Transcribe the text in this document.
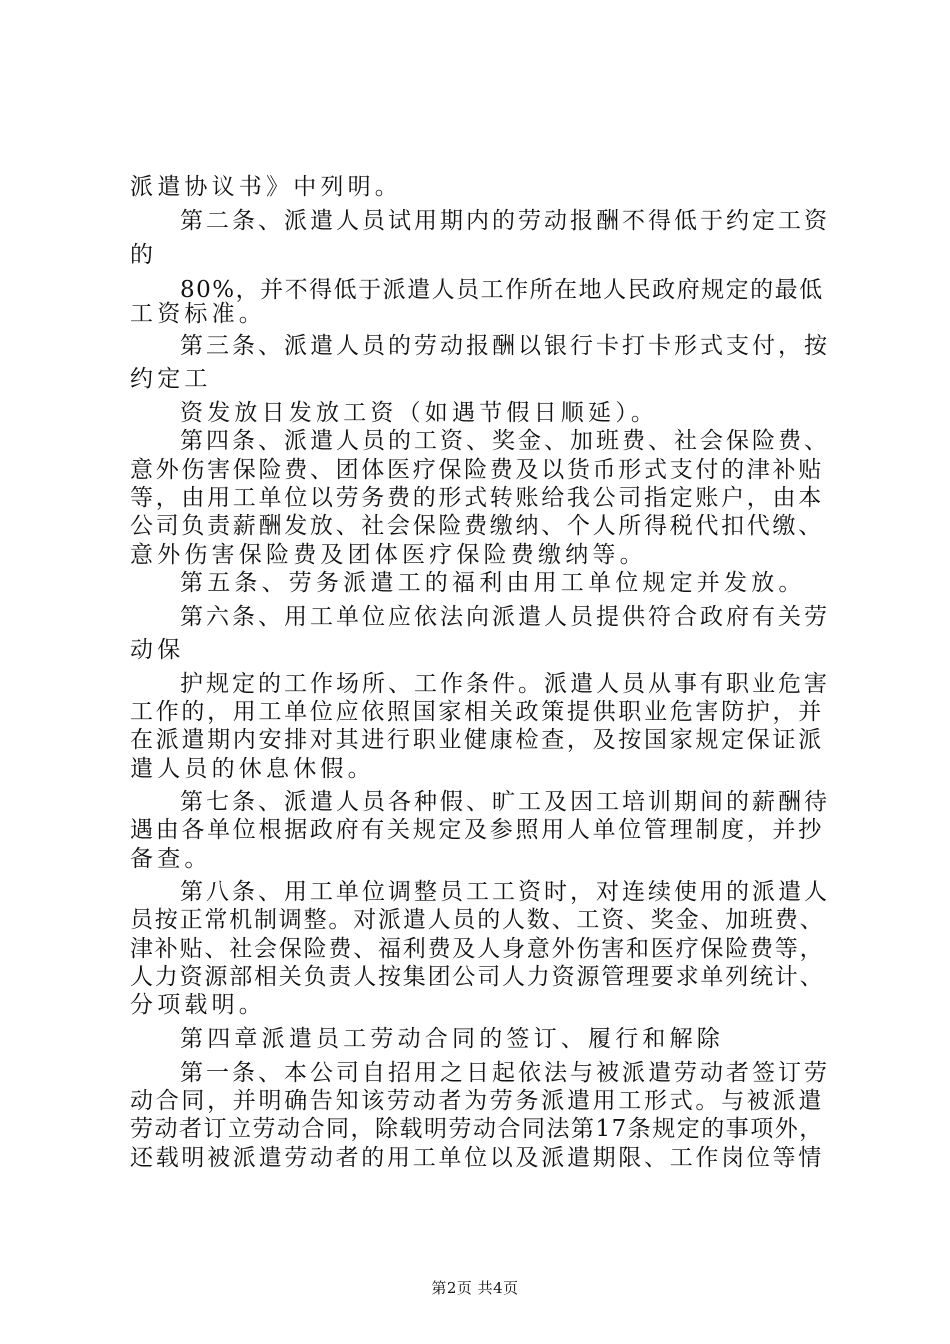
派遣协议书》中列明。
第二条、派遣人员试用期内的劳动报酬不得低于约定工资
的
80%，并不得低于派遣人员工作所在地人民政府规定的最低
工资标准。
第三条、派遣人员的劳动报酬以银行卡打卡形式支付，按
约定工
资发放日发放工资（如遇节假日顺延）。
第四条、派遣人员的工资、奖金、加班费、社会保险费、
意外伤害保险费、团体医疗保险费及以货币形式支付的津补贴
等，由用工单位以劳务费的形式转账给我公司指定账户，由本
公司负责薪酬发放、社会保险费缴纳、个人所得税代扣代缴、
意外伤害保险费及团体医疗保险费缴纳等。
第五条、劳务派遣工的福利由用工单位规定并发放。
第六条、用工单位应依法向派遣人员提供符合政府有关劳
动保
护规定的工作场所、工作条件。派遣人员从事有职业危害
工作的，用工单位应依照国家相关政策提供职业危害防护，并
在派遣期内安排对其进行职业健康检查，及按国家规定保证派
遣人员的休息休假。
第七条、派遣人员各种假、旷工及因工培训期间的薪酬待
遇由各单位根据政府有关规定及参照用人单位管理制度，并抄
备查。
第八条、用工单位调整员工工资时，对连续使用的派遣人
员按正常机制调整。对派遣人员的人数、工资、奖金、加班费、
津补贴、社会保险费、福利费及人身意外伤害和医疗保险费等，
人力资源部相关负责人按集团公司人力资源管理要求单列统计、
分项载明。
第四章派遣员工劳动合同的签订、履行和解除
第一条、本公司自招用之日起依法与被派遣劳动者签订劳
动合同，并明确告知该劳动者为劳务派遣用工形式。与被派遣
劳动者订立劳动合同，除载明劳动合同法第17条规定的事项外，
还载明被派遣劳动者的用工单位以及派遣期限、工作岗位等情
第2页 共4页
